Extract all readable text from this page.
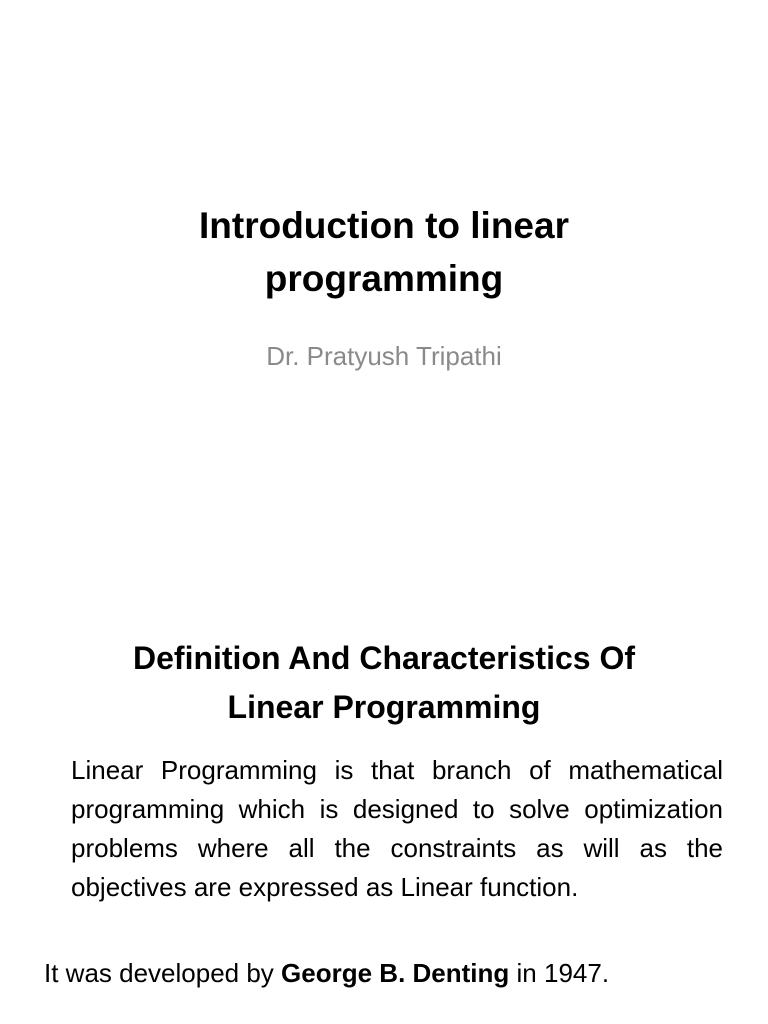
Introduction to linear
programming

Dr. Pratyush Tripathi

Definition And Characteristics Of
Linear Programming

Linear Programming is that branch of mathematical programming which is designed to solve optimization problems where all the constraints as will as the objectives are expressed as Linear function.

It was developed by George B. Denting in 1947.
